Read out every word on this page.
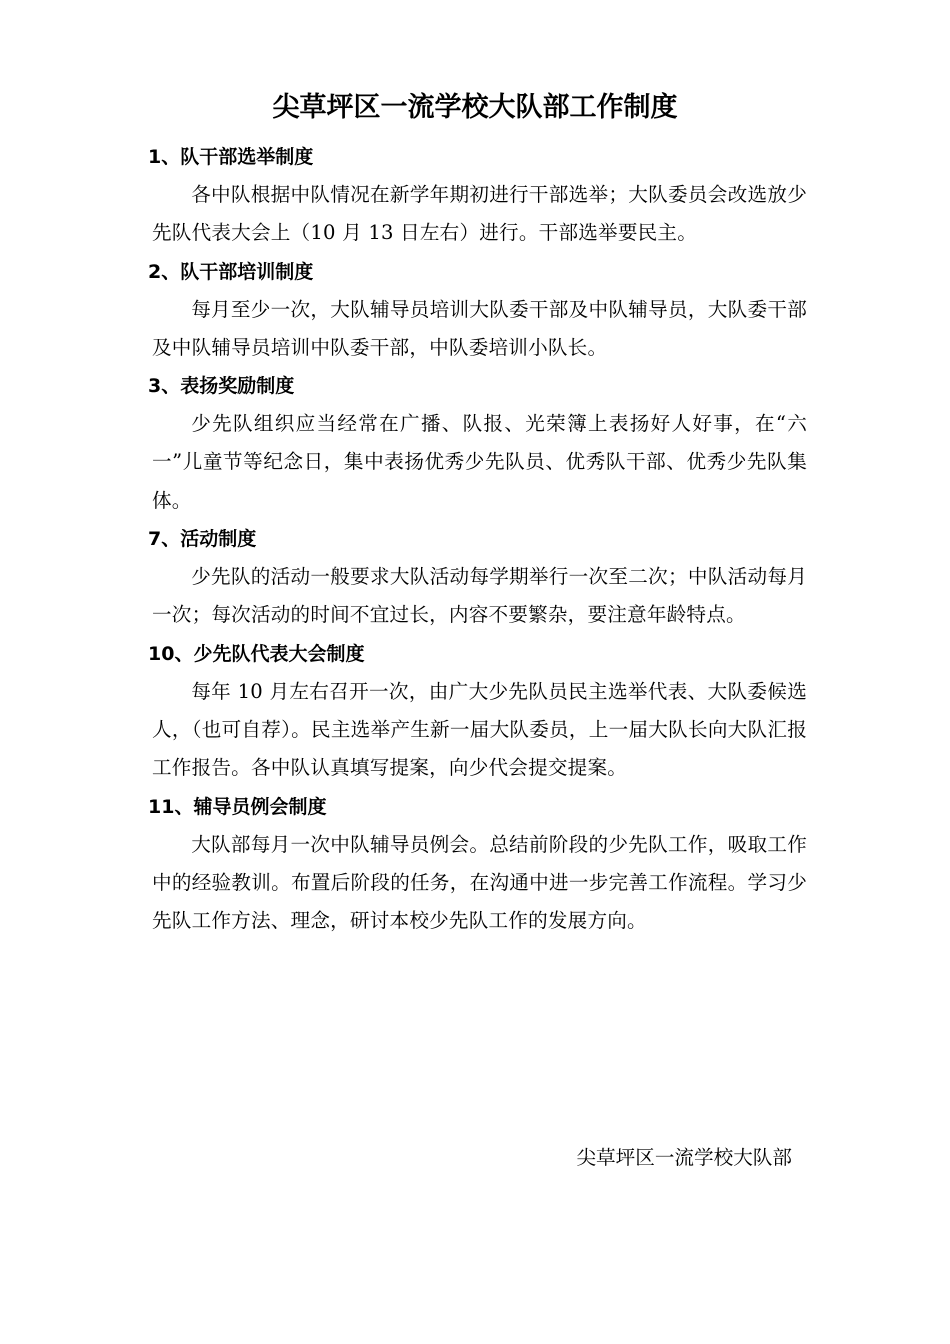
尖草坪区一流学校大队部工作制度

1、队干部选举制度

各中队根据中队情况在新学年期初进行干部选举；大队委员会改选放少先队代表大会上（10 月 13 日左右）进行。干部选举要民主。

2、队干部培训制度

每月至少一次，大队辅导员培训大队委干部及中队辅导员，大队委干部及中队辅导员培训中队委干部，中队委培训小队长。

3、表扬奖励制度

少先队组织应当经常在广播、队报、光荣簿上表扬好人好事，在“六一”儿童节等纪念日，集中表扬优秀少先队员、优秀队干部、优秀少先队集体。

7、活动制度

少先队的活动一般要求大队活动每学期举行一次至二次；中队活动每月一次；每次活动的时间不宜过长，内容不要繁杂，要注意年龄特点。

10、少先队代表大会制度

每年 10 月左右召开一次，由广大少先队员民主选举代表、大队委候选人，（也可自荐）。民主选举产生新一届大队委员，上一届大队长向大队汇报工作报告。各中队认真填写提案，向少代会提交提案。

11、辅导员例会制度

大队部每月一次中队辅导员例会。总结前阶段的少先队工作，吸取工作中的经验教训。布置后阶段的任务，在沟通中进一步完善工作流程。学习少先队工作方法、理念，研讨本校少先队工作的发展方向。

尖草坪区一流学校大队部
